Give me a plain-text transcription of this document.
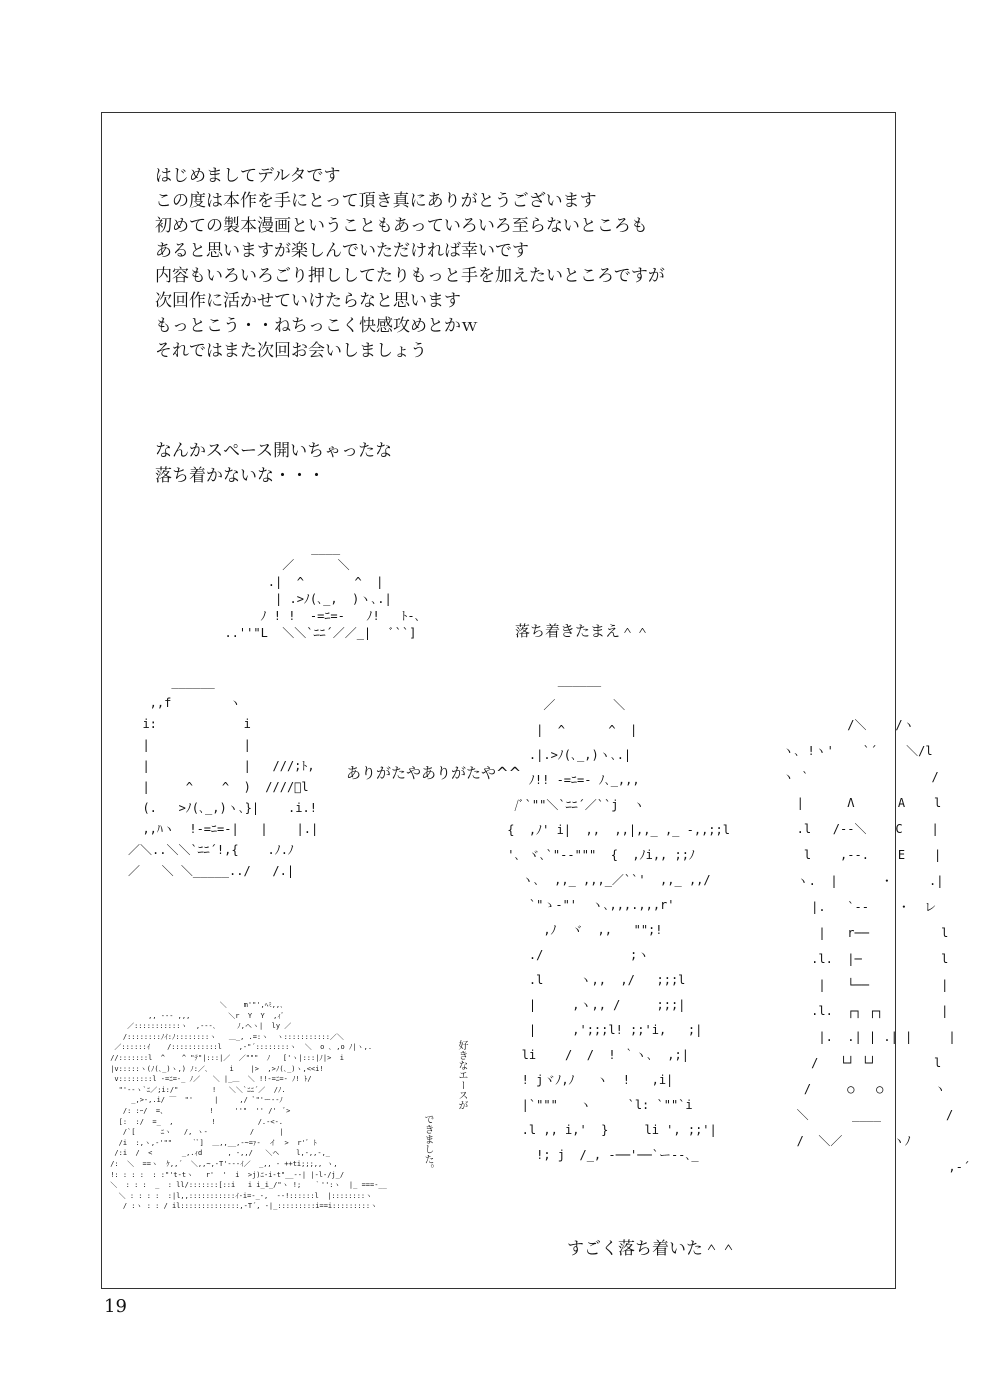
はじめましてデルタです
この度は本作を手にとって頂き真にありがとうございます
初めての製本漫画ということもあっていろいろ至らないところも
あると思いますが楽しんでいただければ幸いです
内容もいろいろごり押ししてたりもっと手を加えたいところですが
次回作に活かせていけたらなと思います
もっとこう・・ねちっこく快感攻めとかｗ
それではまた次回お会いしましょう
なんかスペース開いちゃったな
落ち着かないな・・・
____
／      ＼
.|  ^       ^  |
| .>ﾉ(､_,  )ヽ､.|
ﾉ ! !  -=ﾆ=-   ﾉ!   ﾄ-､
..''"L  ＼＼`ﾆﾆ´／／_|   ﾞ``]	落ち着きたまえ＾＾
______
,,f        ヽ
i:            i
|             |
|             |   ///;ﾄ,
|     ^    ^  )  ////ﾞl
(.   >ﾉ(､_,)ヽ､}|    .i.!
,,ﾊヽ  !-=ﾆ=-|   |    |.|
／＼..＼＼`ﾆﾆ´!,{    .ﾉ.ﾉ
／   ＼ ＼_____../   /.|
______
／        ＼
|  ^      ^  |
.|.>ﾉ(､_,)ヽ､.|
ﾉ!! -=ﾆ=- ﾉ､_,,,
/ﾞ`""＼`ﾆﾆ´／``j  ヽ
{  ,ﾉ' i|  ,,  ,,|,,_ ,_ -,,;;l
'､ ヾ､`"--"""  {  ,ﾉi,, ;;ﾉ
ヽ､  ,,_ ,,,_／``'  ,,_ ,,/
`"ゝ-"'  ヽ､,,,.,,,r'
,ﾉ  ヾ  ,,   "";!
./            ;ヽ
.l     ヽ,,  ,/   ;;;l
|     ,ヽ,, /     ;;;|
|     ,';;;l! ;;'i,   ;|
li    /  /  ! ｀ヽ､  ,;|
! jヾﾉ,ﾉ   ヽ  !   ,i|
|`"""   ヽ     `l: `""`i
.l ,, i,'  }     li ', ;;'|
!; j  /_, -──'──`ー--､_
ありがたやありがたや^^
/＼    /ヽ
ヽ､ !ヽ'    `´    ＼/l
ヽ `                 /
|      Λ      A    l
.l   /--＼    C    |
l    ,--.    E    |
ヽ.  |      ・     .|
|.   `--    ・  レ
|   r──          l
.l.  |─           l
|   └──          |
.l.  ┌┐ ┌┐        |
|.  .| | .| |     |
/   └┘ └┘        l
/     ○   ○       ヽ
＼      ____         /
/  ＼／       ヽﾉ
,-´
＼    m'"',ﾍﾐ,,､
,, --- ,,,         ＼r  Y  Y  ,ｨﾞ
／:::::::::::ヽ  ,-‐-､     ﾉ,ヘヽ|  ly ／
/::::::::ﾉｲ:ﾉ::::::::ヽ   ＿_, .=:ヽ  ヽ:::::::::::／＼
／::::::ｲ    /:::::::::::l    ,-"´::::::::ヽ  ＼  o ､ ,o ﾉ|ヽ,.
//:::::::l  ^    ^ "ﾃ"|:::|／  ／"""  ﾉ   ['ヽ|:::|ﾉ|>  i
|v:::::ヽ(ﾉ(､_)ヽ,) ﾉ:／､     i    |>  ,>ﾉ(､_)ヽ,<<i!
v::::::::l -=ﾆ=-_ ﾉ／   ＼ |_＿  ＼ !!-=ﾆ=- ﾉ! ﾄ/
"'--ヽ`ﾆ／;i:/"        !   ＼＼`ﾆﾆ´／  /ﾉ.
_,>-,.i/ ￣  "'     |     ,/ ﾞ"'ー--ﾉ
/: :ｰ/  =、          !     ''"  '' /'  ﾞ>
[:  :/  =_  ,         !          /.-<-.
/`[      ﾆヽ   /, ヽ-          /      |
/i  :,ヽ,-'""     `ﾞ]  ＿,,__,-~=ｧ-  イ  >  r'ﾞ ﾄ
/:i  /  <       _,.ｨd      , -,,/   ＼ヘ    l,-,,-,_
/:  ＼  ==ヽ  ｹ,,´  ＼,,~,-T'---ｲ／  _,, - ++ti;;;,, ヽ,
!: : : :  : :"'t-tヽ   r'  '  i  >j)ﾆ-i-t"__--| |-l-/j_/
＼  : : :  _  : ll/:::::::[::i   i i_i_/"ヽ !;   ｀'':ヽ  |_ ===-__
＼ : : : :  :|l,,:::::::::::ｲ-i=-_-,  --!::::::l  |::::::::ヽ
/ :ヽ : : / il::::::::::::::,-T´, -|_:::::::::i==i:::::::::ヽ
好きなエースが
できました。
すごく落ち着いた＾＾
19
